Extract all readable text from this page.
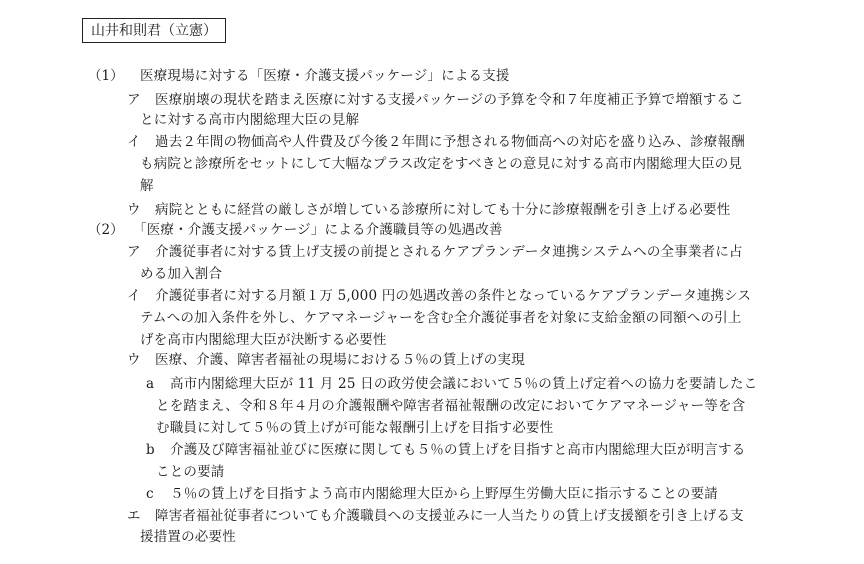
山井和則君（立憲）
（1） 医療現場に対する「医療・介護支援パッケージ」による支援
ア 医療崩壊の現状を踏まえ医療に対する支援パッケージの予算を令和７年度補正予算で増額するこ
とに対する高市内閣総理大臣の見解
イ 過去２年間の物価高や人件費及び今後２年間に予想される物価高への対応を盛り込み、診療報酬
も病院と診療所をセットにして大幅なプラス改定をすべきとの意見に対する高市内閣総理大臣の見
解
ウ 病院とともに経営の厳しさが増している診療所に対しても十分に診療報酬を引き上げる必要性
（2） 「医療・介護支援パッケージ」による介護職員等の処遇改善
ア 介護従事者に対する賃上げ支援の前提とされるケアプランデータ連携システムへの全事業者に占
める加入割合
イ 介護従事者に対する月額１万 5,000 円の処遇改善の条件となっているケアプランデータ連携シス
テムへの加入条件を外し、ケアマネージャーを含む全介護従事者を対象に支給金額の同額への引上
げを高市内閣総理大臣が決断する必要性
ウ 医療、介護、障害者福祉の現場における５％の賃上げの実現
a 高市内閣総理大臣が 11 月 25 日の政労使会議において５％の賃上げ定着への協力を要請したこ
とを踏まえ、令和８年４月の介護報酬や障害者福祉報酬の改定においてケアマネージャー等を含
む職員に対して５％の賃上げが可能な報酬引上げを目指す必要性
b 介護及び障害福祉並びに医療に関しても５％の賃上げを目指すと高市内閣総理大臣が明言する
ことの要請
c ５％の賃上げを目指すよう高市内閣総理大臣から上野厚生労働大臣に指示することの要請
エ 障害者福祉従事者についても介護職員への支援並みに一人当たりの賃上げ支援額を引き上げる支
援措置の必要性
